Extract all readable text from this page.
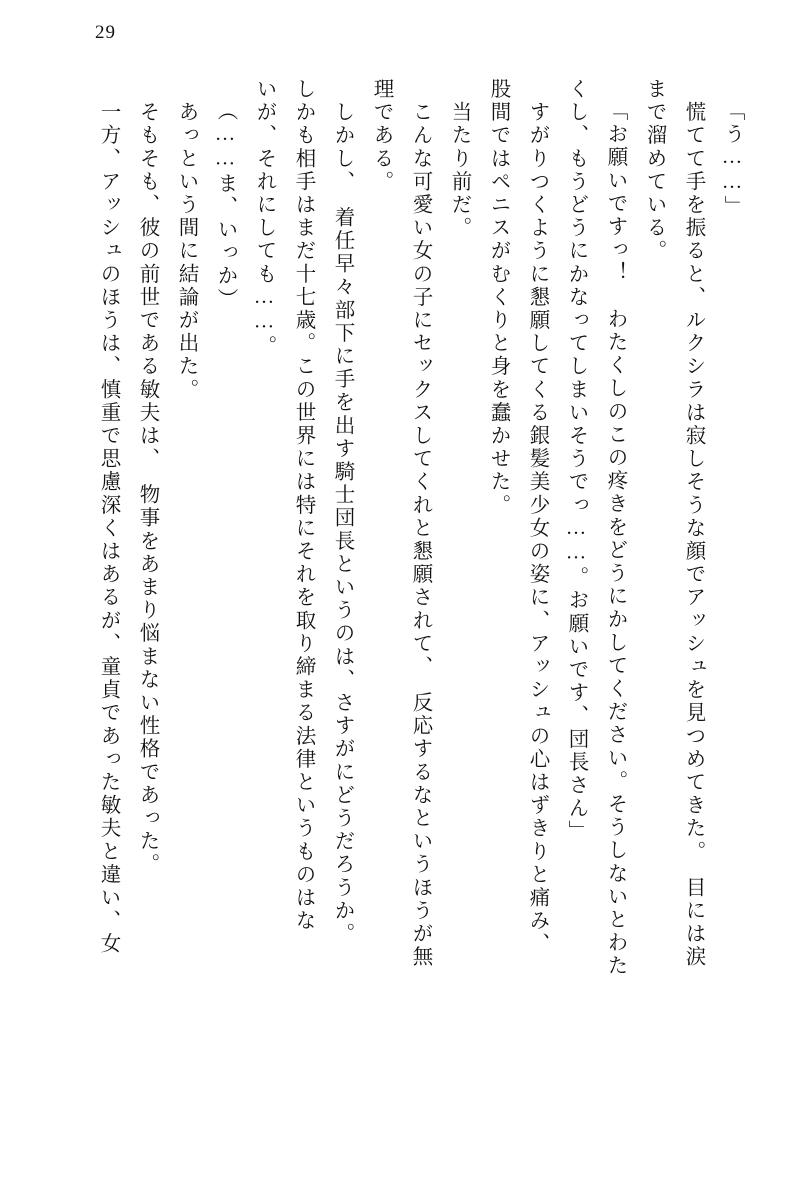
29
「う……」
　慌てて手を振ると、ルクシラは寂しそうな顔でアッシュを見つめてきた。　目には涙
まで溜めている。
「お願いですっ！　わたくしのこの疼きをどうにかしてください。そうしないとわた
くし、もうどうにかなってしまいそうでっ……。お願いです、団長さん」
　すがりつくように懇願してくる銀髪美少女の姿に、アッシュの心はずきりと痛み、
股間ではペニスがむくりと身を蠢かせた。
　当たり前だ。
　こんな可愛い女の子にセックスしてくれと懇願されて、　反応するなというほうが無
理である。
　しかし、　着任早々部下に手を出す騎士団長というのは、さすがにどうだろうか。
しかも相手はまだ十七歳。この世界には特にそれを取り締まる法律というものはな
いが、それにしても……。
（……ま、いっか）
　あっという間に結論が出た。
　そもそも、彼の前世である敏夫は、　物事をあまり悩まない性格であった。
　一方、アッシュのほうは、慎重で思慮深くはあるが、童貞であった敏夫と違い、女
